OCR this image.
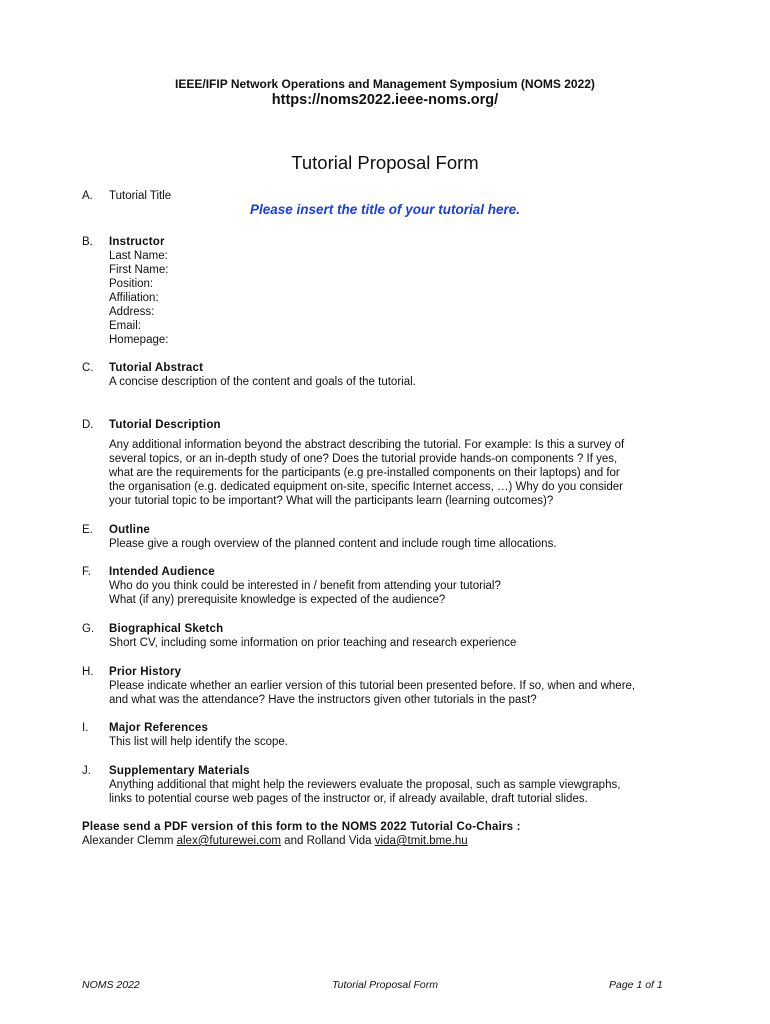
IEEE/IFIP Network Operations and Management Symposium (NOMS 2022)
https://noms2022.ieee-noms.org/
Tutorial Proposal Form
A. Tutorial Title
Please insert the title of your tutorial here.
B. Instructor
Last Name:
First Name:
Position:
Affiliation:
Address:
Email:
Homepage:
C. Tutorial Abstract
A concise description of the content and goals of the tutorial.
D. Tutorial Description
Any additional information beyond the abstract describing the tutorial. For example: Is this a survey of
several topics, or an in-depth study of one? Does the tutorial provide hands-on components ? If yes,
what are the requirements for the participants (e.g pre-installed components on their laptops) and for
the organisation (e.g. dedicated equipment on-site, specific Internet access, …) Why do you consider
your tutorial topic to be important? What will the participants learn (learning outcomes)?
E. Outline
Please give a rough overview of the planned content and include rough time allocations.
F. Intended Audience
Who do you think could be interested in / benefit from attending your tutorial?
What (if any) prerequisite knowledge is expected of the audience?
G. Biographical Sketch
Short CV, including some information on prior teaching and research experience
H. Prior History
Please indicate whether an earlier version of this tutorial been presented before. If so, when and where,
and what was the attendance? Have the instructors given other tutorials in the past?
I. Major References
This list will help identify the scope.
J. Supplementary Materials
Anything additional that might help the reviewers evaluate the proposal, such as sample viewgraphs,
links to potential course web pages of the instructor or, if already available, draft tutorial slides.
Please send a PDF version of this form to the NOMS 2022 Tutorial Co-Chairs :
Alexander Clemm alex@futurewei.com and Rolland Vida vida@tmit.bme.hu
NOMS 2022	Tutorial Proposal Form	Page 1 of 1
